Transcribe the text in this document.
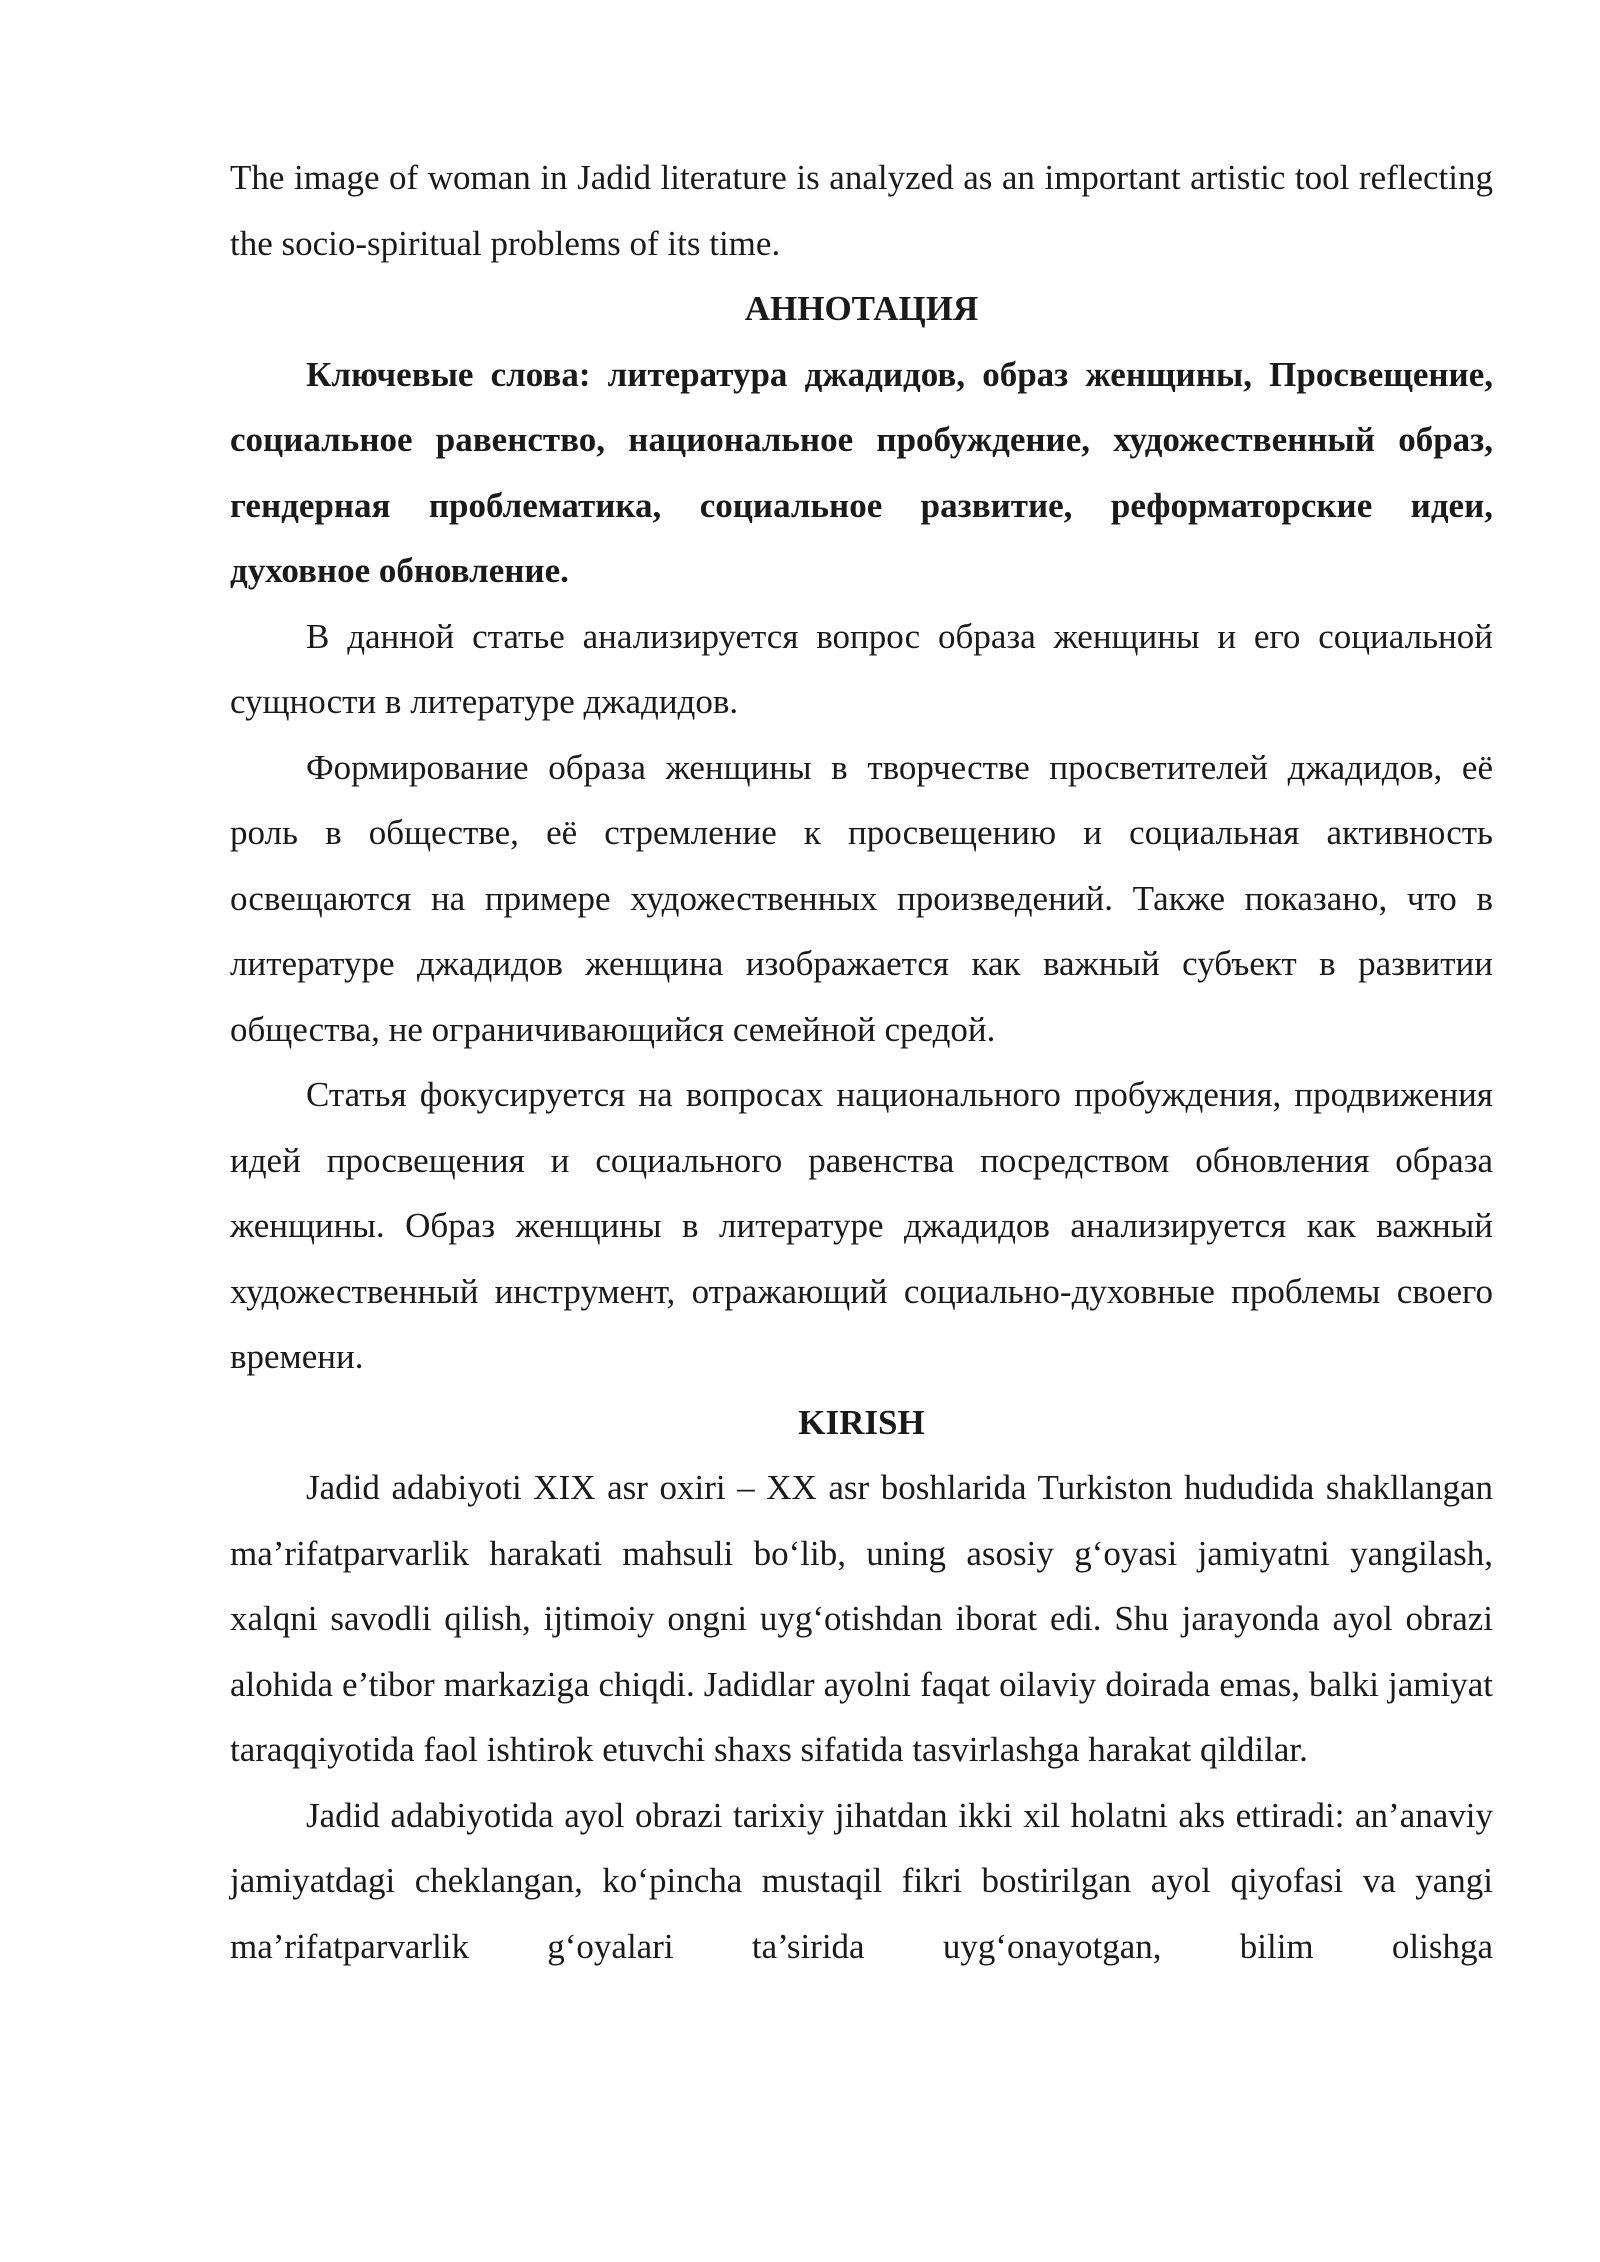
The image of woman in Jadid literature is analyzed as an important artistic tool reflecting the socio-spiritual problems of its time.

АННОТАЦИЯ

Ключевые слова: литература джадидов, образ женщины, Просвещение, социальное равенство, национальное пробуждение, художественный образ, гендерная проблематика, социальное развитие, реформаторские идеи, духовное обновление.

В данной статье анализируется вопрос образа женщины и его социальной сущности в литературе джадидов.

Формирование образа женщины в творчестве просветителей джадидов, её роль в обществе, её стремление к просвещению и социальная активность освещаются на примере художественных произведений. Также показано, что в литературе джадидов женщина изображается как важный субъект в развитии общества, не ограничивающийся семейной средой.

Статья фокусируется на вопросах национального пробуждения, продвижения идей просвещения и социального равенства посредством обновления образа женщины. Образ женщины в литературе джадидов анализируется как важный художественный инструмент, отражающий социально-духовные проблемы своего времени.

KIRISH

Jadid adabiyoti XIX asr oxiri – XX asr boshlarida Turkiston hududida shakllangan ma’rifatparvarlik harakati mahsuli bo‘lib, uning asosiy g‘oyasi jamiyatni yangilash, xalqni savodli qilish, ijtimoiy ongni uyg‘otishdan iborat edi. Shu jarayonda ayol obrazi alohida e’tibor markaziga chiqdi. Jadidlar ayolni faqat oilaviy doirada emas, balki jamiyat taraqqiyotida faol ishtirok etuvchi shaxs sifatida tasvirlashga harakat qildilar.

Jadid adabiyotida ayol obrazi tarixiy jihatdan ikki xil holatni aks ettiradi: an’anaviy jamiyatdagi cheklangan, ko‘pincha mustaqil fikri bostirilgan ayol qiyofasi va yangi ma’rifatparvarlik g‘oyalari ta’sirida uyg‘onayotgan, bilim olishga
